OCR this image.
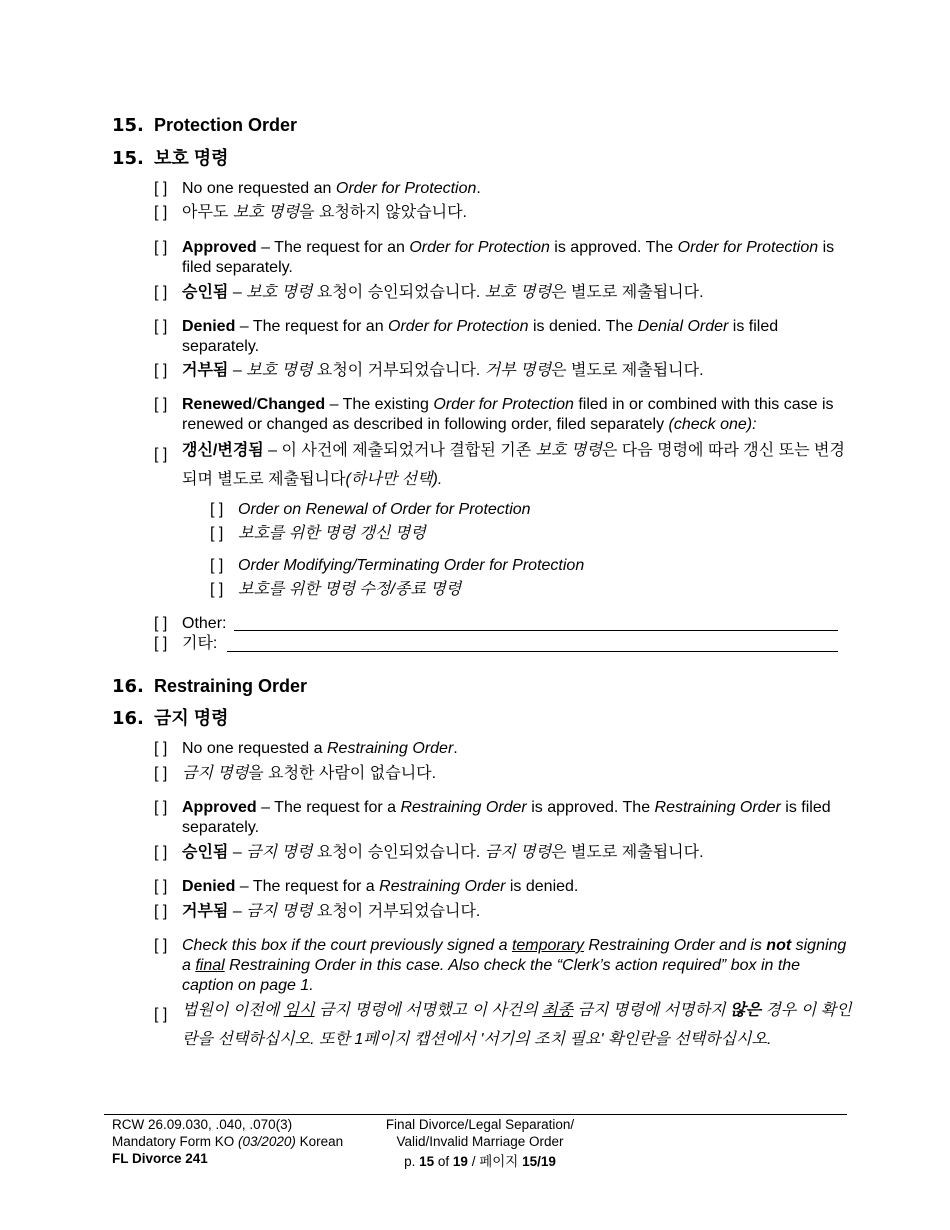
15. Protection Order
15. 보호 명령
[ ] No one requested an Order for Protection.
[ ] 아무도 보호 명령을 요청하지 않았습니다.
[ ] Approved – The request for an Order for Protection is approved. The Order for Protection is filed separately.
[ ] 승인됨 – 보호 명령 요청이 승인되었습니다. 보호 명령은 별도로 제출됩니다.
[ ] Denied – The request for an Order for Protection is denied. The Denial Order is filed separately.
[ ] 거부됨 – 보호 명령 요청이 거부되었습니다. 거부 명령은 별도로 제출됩니다.
[ ] Renewed/Changed – The existing Order for Protection filed in or combined with this case is renewed or changed as described in following order, filed separately (check one):
[ ] 갱신/변경됨 – 이 사건에 제출되었거나 결합된 기존 보호 명령은 다음 명령에 따라 갱신 또는 변경되며 별도로 제출됩니다(하나만 선택).
[ ] Order on Renewal of Order for Protection
[ ] 보호를 위한 명령 갱신 명령
[ ] Order Modifying/Terminating Order for Protection
[ ] 보호를 위한 명령 수정/종료 명령
[ ] Other:
[ ] 기타:
16. Restraining Order
16. 금지 명령
[ ] No one requested a Restraining Order.
[ ] 금지 명령을 요청한 사람이 없습니다.
[ ] Approved – The request for a Restraining Order is approved. The Restraining Order is filed separately.
[ ] 승인됨 – 금지 명령 요청이 승인되었습니다. 금지 명령은 별도로 제출됩니다.
[ ] Denied – The request for a Restraining Order is denied.
[ ] 거부됨 – 금지 명령 요청이 거부되었습니다.
[ ] Check this box if the court previously signed a temporary Restraining Order and is not signing a final Restraining Order in this case. Also check the “Clerk’s action required” box in the caption on page 1.
[ ] 법원이 이전에 임시 금지 명령에 서명했고 이 사건의 최종 금지 명령에 서명하지 않은 경우 이 확인란을 선택하십시오. 또한 1페이지 캡션에서 '서기의 조치 필요' 확인란을 선택하십시오.
RCW 26.09.030, .040, .070(3)
Mandatory Form KO (03/2020) Korean
FL Divorce 241
Final Divorce/Legal Separation/
Valid/Invalid Marriage Order
p. 15 of 19 / 페이지 15/19
